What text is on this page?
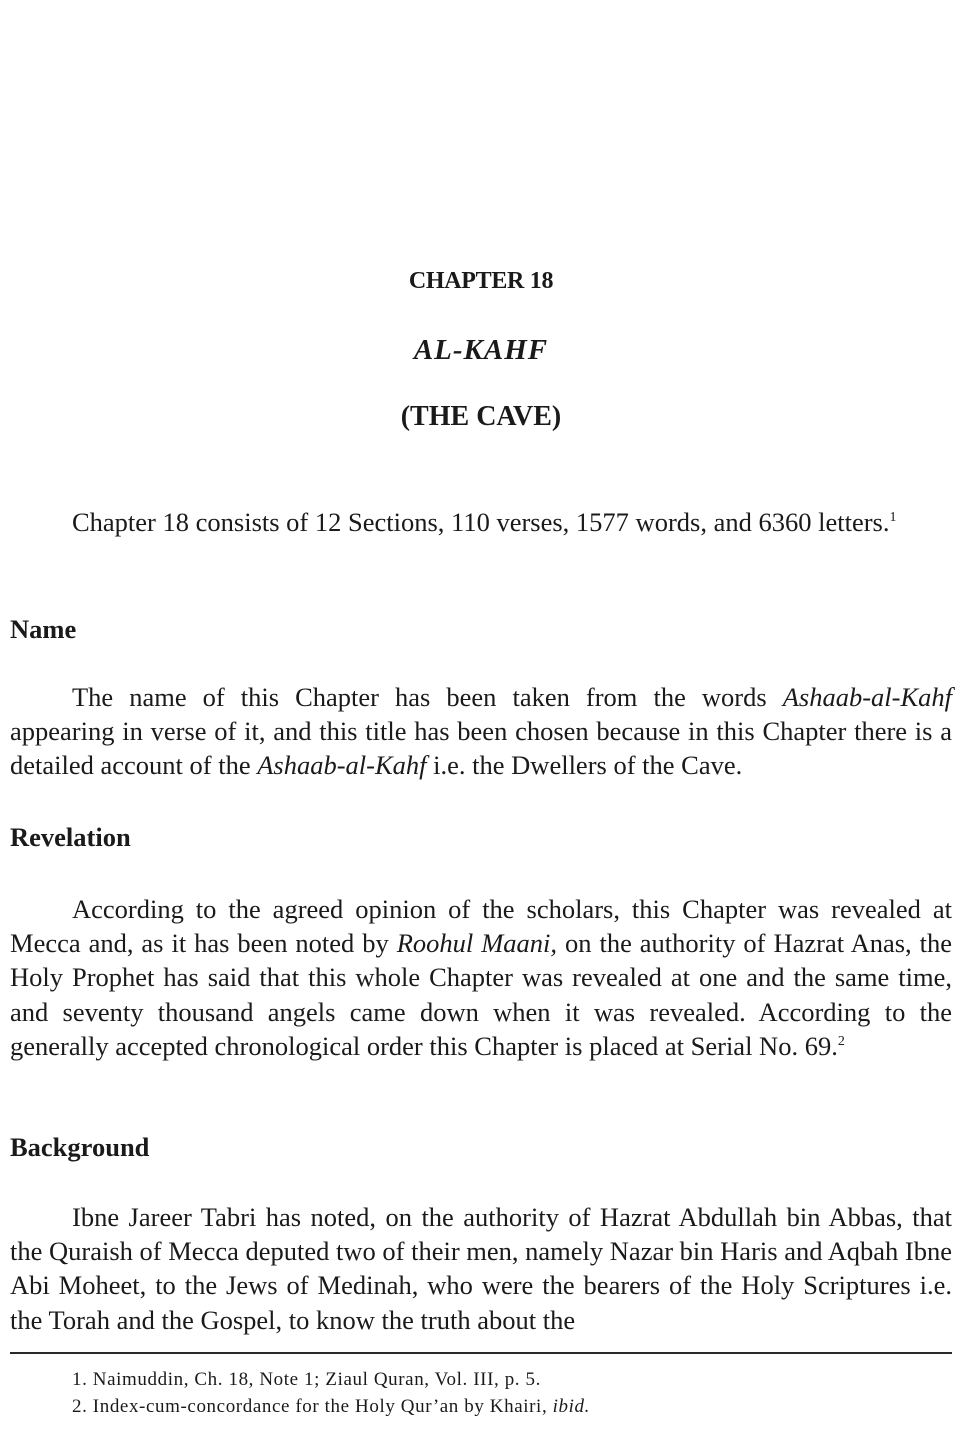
CHAPTER 18
AL-KAHF
(THE CAVE)

Chapter 18 consists of 12 Sections, 110 verses, 1577 words, and 6360 letters.$^1$

Name

The name of this Chapter has been taken from the words Ashaab-al-Kahf appearing in verse of it, and this title has been chosen because in this Chapter there is a detailed account of the Ashaab-al-Kahf i.e. the Dwellers of the Cave.

Revelation

According to the agreed opinion of the scholars, this Chapter was revealed at Mecca and, as it has been noted by Roohul Maani, on the authority of Hazrat Anas, the Holy Prophet has said that this whole Chapter was revealed at one and the same time, and seventy thousand angels came down when it was revealed. According to the generally accepted chronological order this Chapter is placed at Serial No. 69.$^2$

Background

Ibne Jareer Tabri has noted, on the authority of Hazrat Abdullah bin Abbas, that the Quraish of Mecca deputed two of their men, namely Nazar bin Haris and Aqbah Ibne Abi Moheet, to the Jews of Medinah, who were the bearers of the Holy Scriptures i.e. the Torah and the Gospel, to know the truth about the

1. Naimuddin, Ch. 18, Note 1; Ziaul Quran, Vol. III, p. 5.

2. Index-cum-concordance for the Holy Qur’an by Khairi, ibid.
